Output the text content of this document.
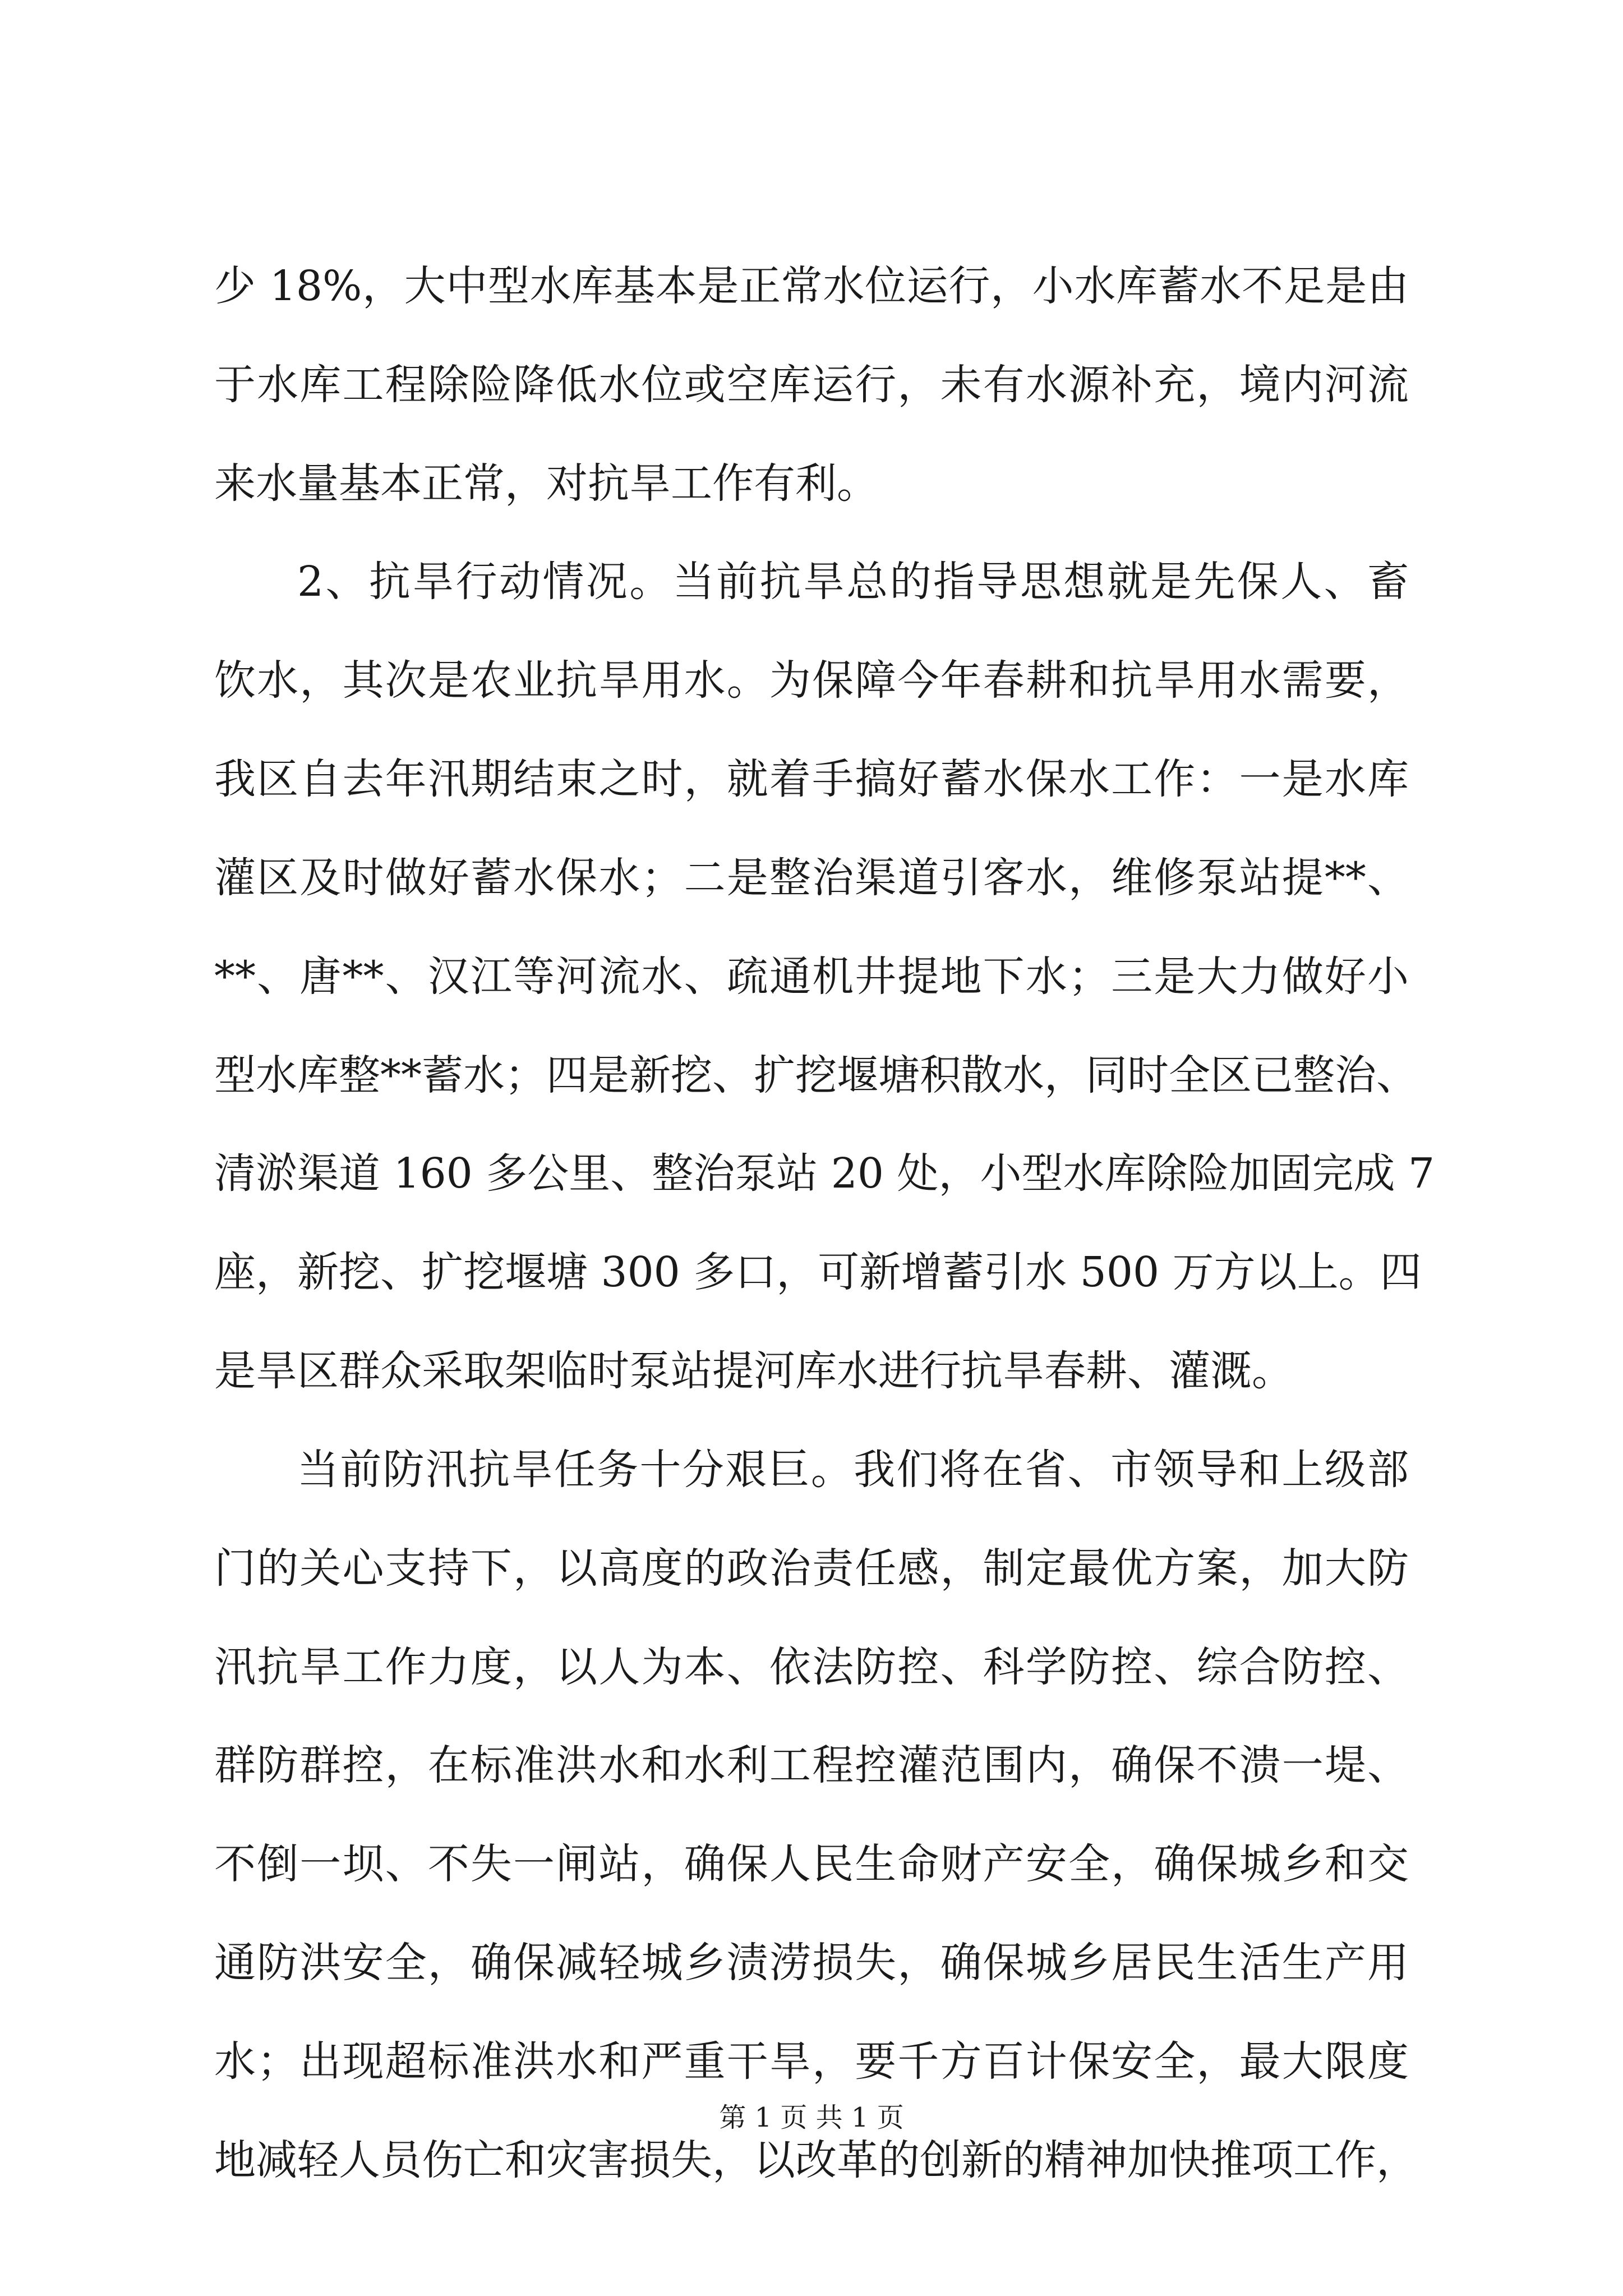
少 18%，大中型水库基本是正常水位运行，小水库蓄水不足是由
于水库工程除险降低水位或空库运行，未有水源补充，境内河流
来水量基本正常，对抗旱工作有利。
2、抗旱行动情况。当前抗旱总的指导思想就是先保人、畜
饮水，其次是农业抗旱用水。为保障今年春耕和抗旱用水需要，
我区自去年汛期结束之时，就着手搞好蓄水保水工作：一是水库
灌区及时做好蓄水保水；二是整治渠道引客水，维修泵站提**、
**、唐**、汉江等河流水、疏通机井提地下水；三是大力做好小
型水库整**蓄水；四是新挖、扩挖堰塘积散水，同时全区已整治、
清淤渠道 160 多公里、整治泵站 20 处，小型水库除险加固完成 7
座，新挖、扩挖堰塘 300 多口，可新增蓄引水 500 万方以上。四
是旱区群众采取架临时泵站提河库水进行抗旱春耕、灌溉。
当前防汛抗旱任务十分艰巨。我们将在省、市领导和上级部
门的关心支持下，以高度的政治责任感，制定最优方案，加大防
汛抗旱工作力度，以人为本、依法防控、科学防控、综合防控、
群防群控，在标准洪水和水利工程控灌范围内，确保不溃一堤、
不倒一坝、不失一闸站，确保人民生命财产安全，确保城乡和交
通防洪安全，确保减轻城乡渍涝损失，确保城乡居民生活生产用
水；出现超标准洪水和严重干旱，要千方百计保安全，最大限度
地减轻人员伤亡和灾害损失，以改革的创新的精神加快推项工作，
第 1 页 共 1 页
